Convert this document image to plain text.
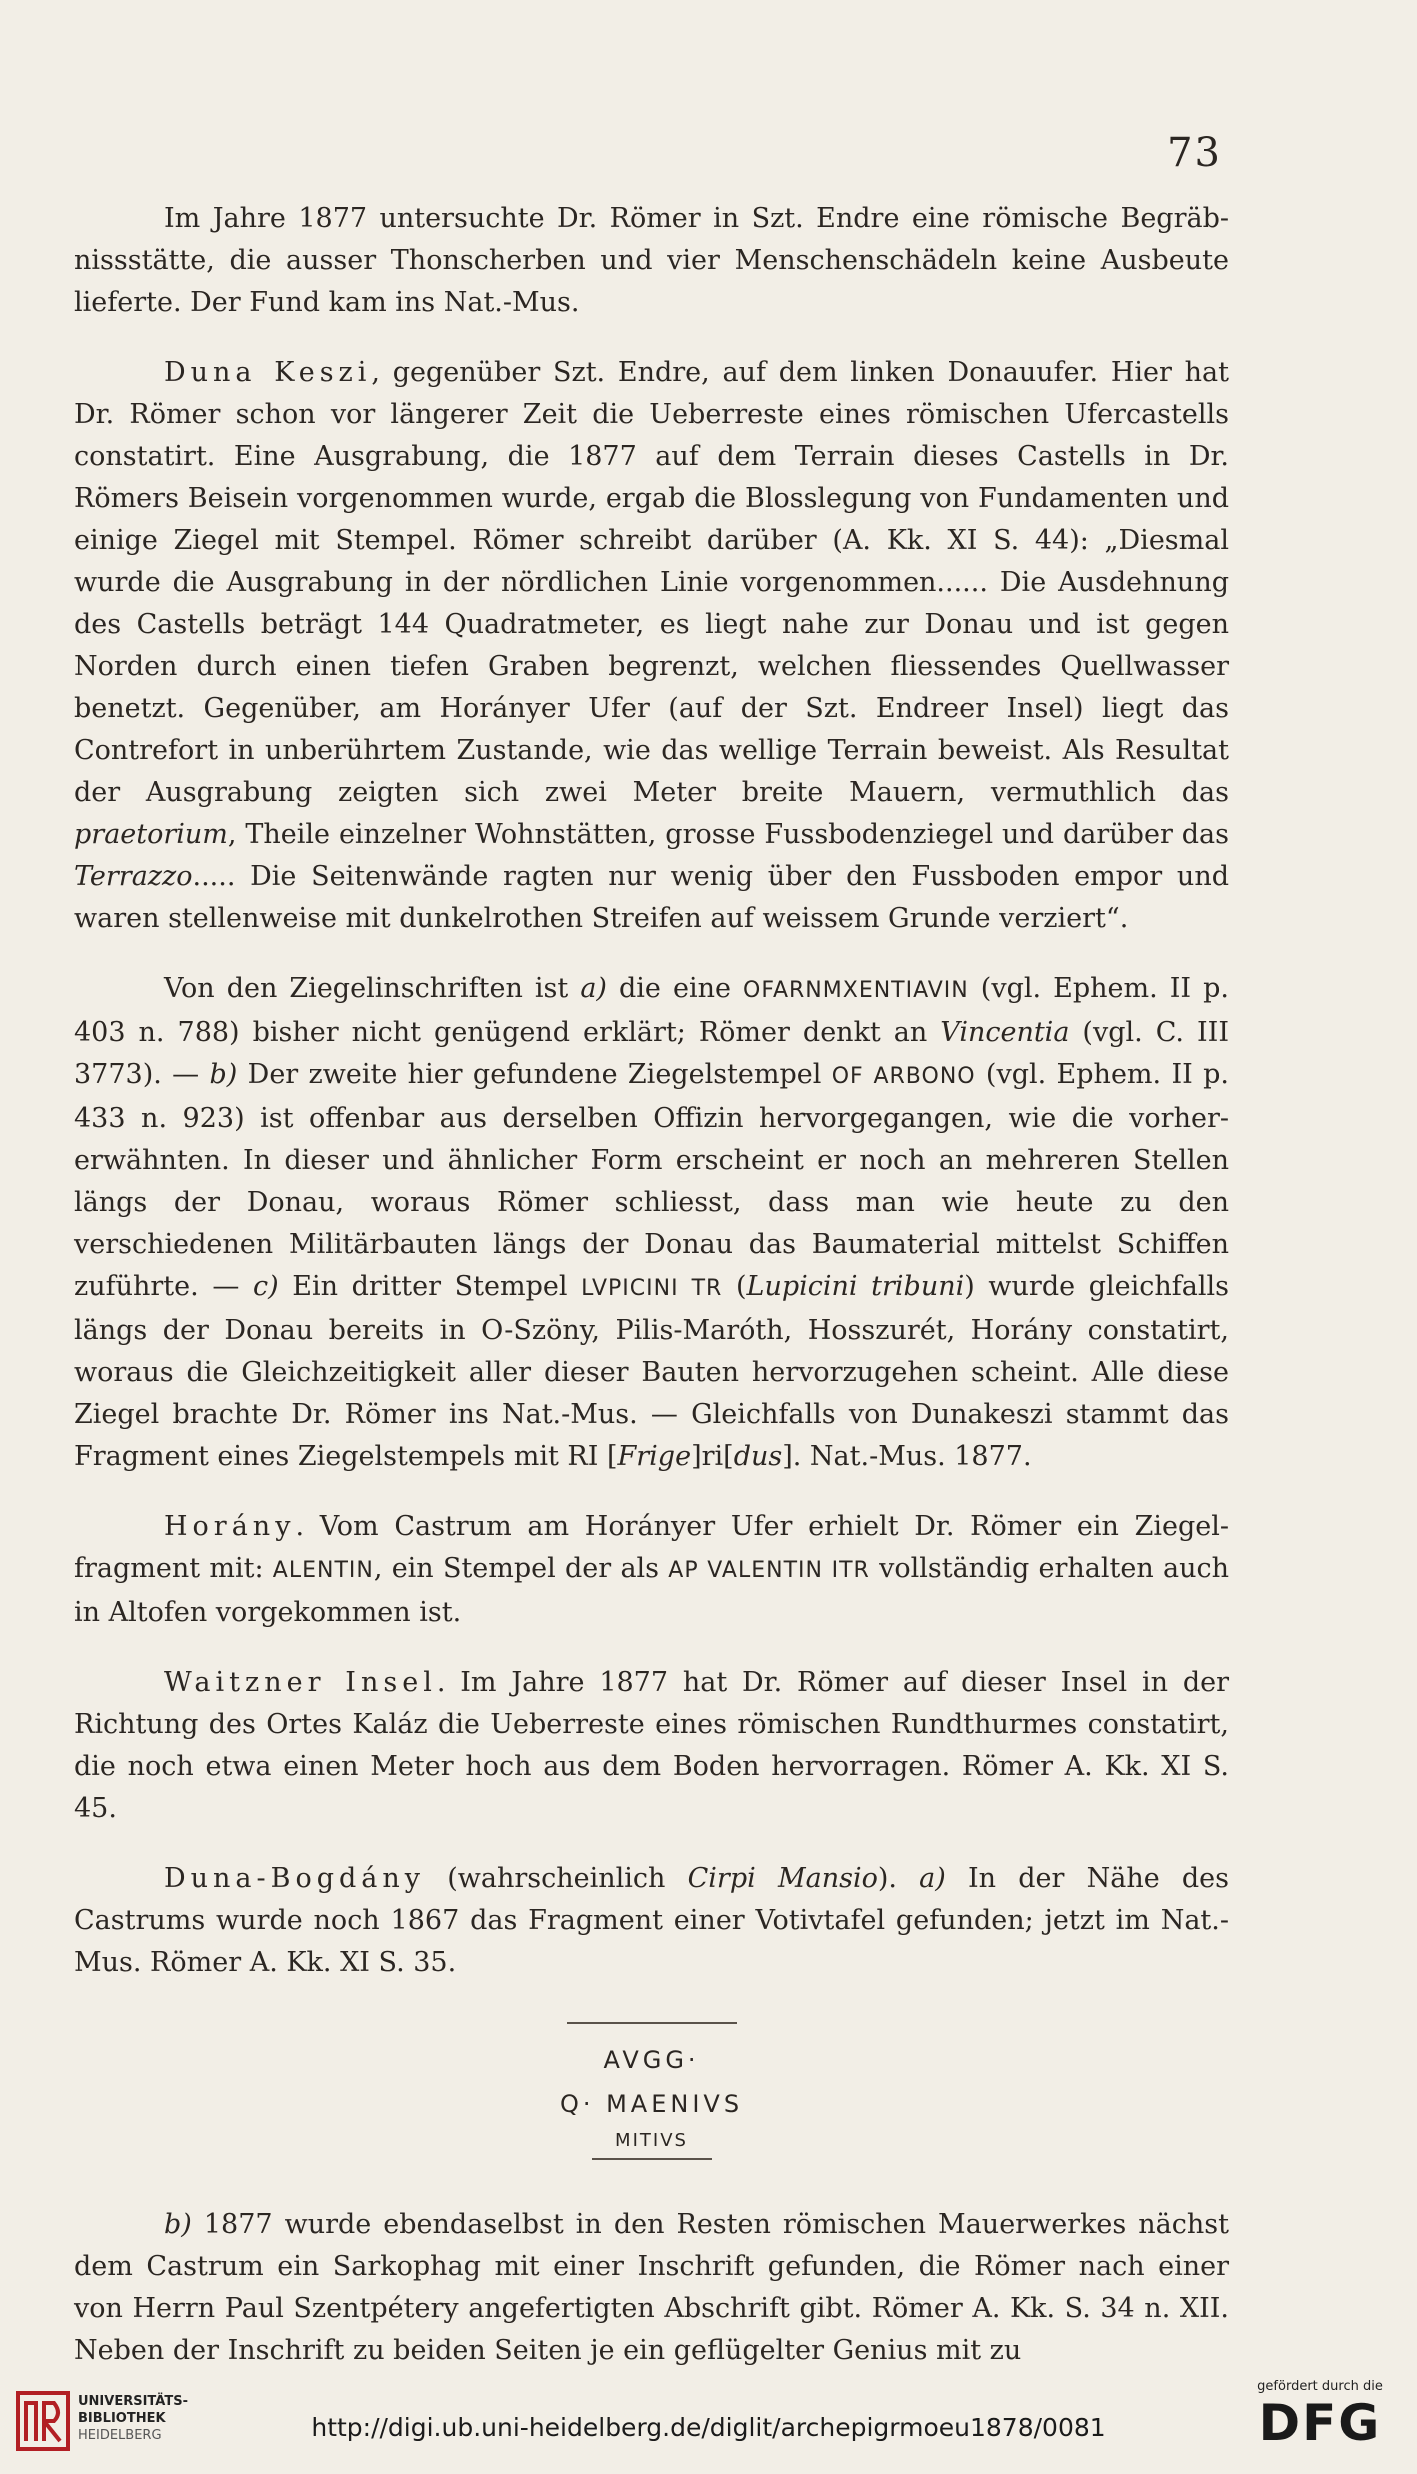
73

Im Jahre 1877 untersuchte Dr. Römer in Szt. Endre eine römische Begräbnissstätte, die ausser Thonscherben und vier Menschenschädeln keine Ausbeute lieferte. Der Fund kam ins Nat.-Mus.

Duna Keszi, gegenüber Szt. Endre, auf dem linken Donauufer. Hier hat Dr. Römer schon vor längerer Zeit die Ueberreste eines römischen Ufercastells constatirt. Eine Ausgrabung, die 1877 auf dem Terrain dieses Castells in Dr. Römers Beisein vorgenommen wurde, ergab die Blosslegung von Fundamenten und einige Ziegel mit Stempel. Römer schreibt darüber (A. Kk. XI S. 44): „Diesmal wurde die Ausgrabung in der nördlichen Linie vorgenommen...... Die Ausdehnung des Castells beträgt 144 Quadratmeter, es liegt nahe zur Donau und ist gegen Norden durch einen tiefen Graben begrenzt, welchen fliessendes Quellwasser benetzt. Gegenüber, am Horányer Ufer (auf der Szt. Endreer Insel) liegt das Contrefort in unberührtem Zustande, wie das wellige Terrain beweist. Als Resultat der Ausgrabung zeigten sich zwei Meter breite Mauern, vermuthlich das praetorium, Theile einzelner Wohnstätten, grosse Fussbodenziegel und darüber das Terrazzo..... Die Seitenwände ragten nur wenig über den Fussboden empor und waren stellenweise mit dunkelrothen Streifen auf weissem Grunde verziert“.

Von den Ziegelinschriften ist a) die eine OFARNMXENTIAVIN (vgl. Ephem. II p. 403 n. 788) bisher nicht genügend erklärt; Römer denkt an Vincentia (vgl. C. III 3773). — b) Der zweite hier gefundene Ziegelstempel OF ARBONO (vgl. Ephem. II p. 433 n. 923) ist offenbar aus derselben Offizin hervorgegangen, wie die vorhererwähnten. In dieser und ähnlicher Form erscheint er noch an mehreren Stellen längs der Donau, woraus Römer schliesst, dass man wie heute zu den verschiedenen Militärbauten längs der Donau das Baumaterial mittelst Schiffen zuführte. — c) Ein dritter Stempel LVPICINI TR (Lupicini tribuni) wurde gleichfalls längs der Donau bereits in O-Szöny, Pilis-Maróth, Hosszurét, Horány constatirt, woraus die Gleichzeitigkeit aller dieser Bauten hervorzugehen scheint. Alle diese Ziegel brachte Dr. Römer ins Nat.-Mus. — Gleichfalls von Dunakeszi stammt das Fragment eines Ziegelstempels mit RI [Frige]ri[dus]. Nat.-Mus. 1877.

Horány. Vom Castrum am Horányer Ufer erhielt Dr. Römer ein Ziegelfragment mit: ALENTIN, ein Stempel der als AP VALENTIN ITR vollständig erhalten auch in Altofen vorgekommen ist.

Waitzner Insel. Im Jahre 1877 hat Dr. Römer auf dieser Insel in der Richtung des Ortes Kaláz die Ueberreste eines römischen Rundthurmes constatirt, die noch etwa einen Meter hoch aus dem Boden hervorragen. Römer A. Kk. XI S. 45.

Duna-Bogdány (wahrscheinlich Cirpi Mansio). a) In der Nähe des Castrums wurde noch 1867 das Fragment einer Votivtafel gefunden; jetzt im Nat.-Mus. Römer A. Kk. XI S. 35.

AVGG·
Q· MAENIVS
MITIVS

b) 1877 wurde ebendaselbst in den Resten römischen Mauerwerkes nächst dem Castrum ein Sarkophag mit einer Inschrift gefunden, die Römer nach einer von Herrn Paul Szentpétery angefertigten Abschrift gibt. Römer A. Kk. S. 34 n. XII. Neben der Inschrift zu beiden Seiten je ein geflügelter Genius mit zu

UNIVERSITÄTS-
BIBLIOTHEK
HEIDELBERG	http://digi.ub.uni-heidelberg.de/diglit/archepigrmoeu1878/0081
gefördert durch die
DFG
